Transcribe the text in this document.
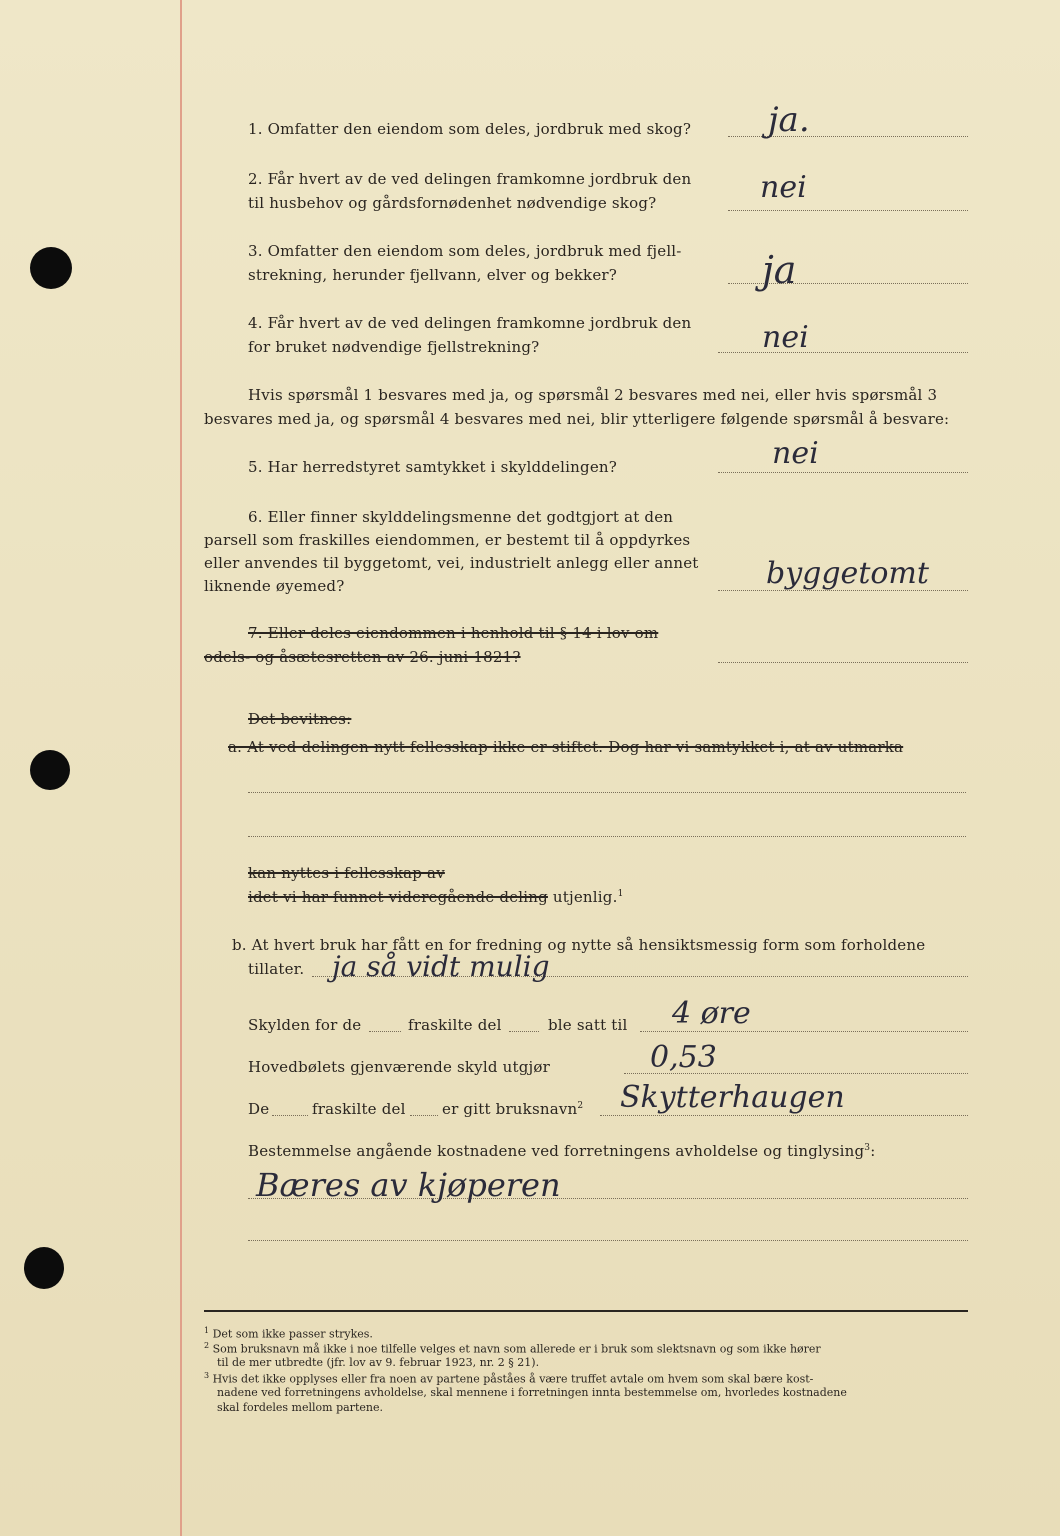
1. Omfatter den eiendom som deles, jordbruk med skog? ja.
2. Får hvert av de ved delingen framkomne jordbruk den
til husbehov og gårdsfornødenhet nødvendige skog?	nei
3. Omfatter den eiendom som deles, jordbruk med fjell-
strekning, herunder fjellvann, elver og bekker?	ja
4. Får hvert av de ved delingen framkomne jordbruk den
for bruket nødvendige fjellstrekning?	nei
Hvis spørsmål 1 besvares med ja, og spørsmål 2 besvares med nei, eller hvis spørsmål 3
besvares med ja, og spørsmål 4 besvares med nei, blir ytterligere følgende spørsmål å besvare:
5. Har herredstyret samtykket i skylddelingen?	nei
6. Eller finner skylddelingsmenne det godtgjort at den
parsell som fraskilles eiendommen, er bestemt til å oppdyrkes
eller anvendes til byggetomt, vei, industrielt anlegg eller annet
liknende øyemed?	byggetomt
7. Eller deles eiendommen i henhold til § 14 i lov om
odels- og åsætesretten av 26. juni 1821?
Det bevitnes:
a. At ved delingen nytt fellesskap ikke er stiftet. Dog har vi samtykket i, at av utmarka
kan nyttes i fellesskap av
idet vi har funnet videregående deling utjenlig.$^1$
b. At hvert bruk har fått en for fredning og nytte så hensiktsmessig form som forholdene
tillater. ja så vidt mulig
Skylden for de	fraskilte del	ble satt til 4 øre
Hovedbølets gjenværende skyld utgjør	0,53
De	fraskilte del er gitt bruksnavn$^2$ Skytterhaugen
Bestemmelse angående kostnadene ved forretningens avholdelse og tinglysing$^3$:
Bæres av kjøperen
$^1$ Det som ikke passer strykes.
$^2$ Som bruksnavn må ikke i noe tilfelle velges et navn som allerede er i bruk som slektsnavn og som ikke hører
til de mer utbredte (jfr. lov av 9. februar 1923, nr. 2 § 21).
$^3$ Hvis det ikke opplyses eller fra noen av partene påståes å være truffet avtale om hvem som skal bære kost-
nadene ved forretningens avholdelse, skal mennene i forretningen innta bestemmelse om, hvorledes kostnadene
skal fordeles mellom partene.
